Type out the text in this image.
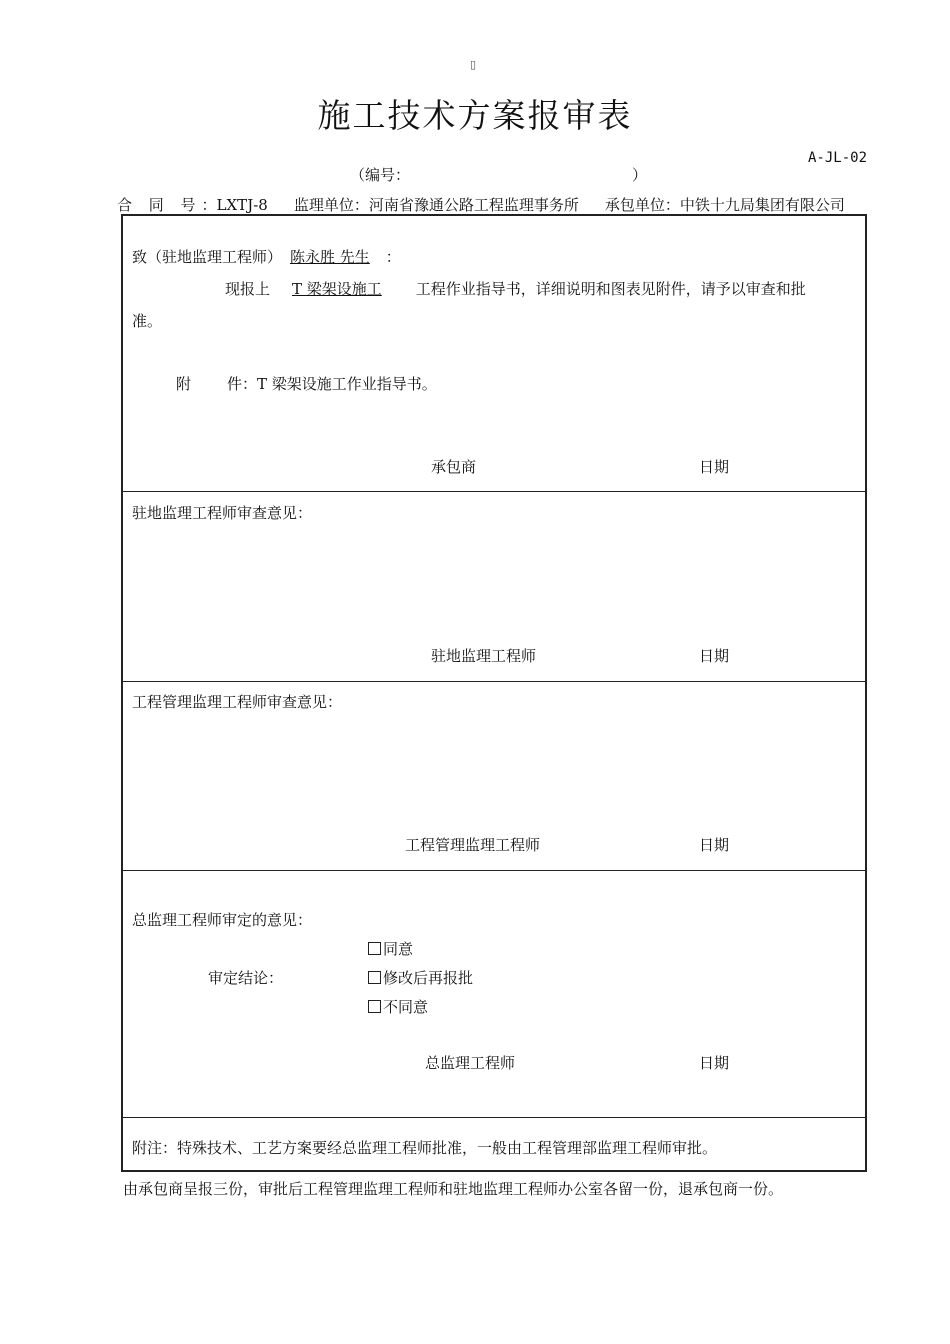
▯
施工技术方案报审表
A-JL-02
（编号：	）
合 同 号：LXTJ-8 监理单位：河南省豫通公路工程监理事务所 承包单位：中铁十九局集团有限公司
致（驻地监理工程师） 陈永胜 先生 ：
现报上 T 梁架设施工 工程作业指导书，详细说明和图表见附件，请予以审查和批
准。
附 件：T 梁架设施工作业指导书。
承包商	日期
驻地监理工程师审查意见：
驻地监理工程师	日期
工程管理监理工程师审查意见：
工程管理监理工程师	日期
总监理工程师审定的意见：
审定结论：
同意
修改后再报批
不同意
总监理工程师	日期
附注：特殊技术、工艺方案要经总监理工程师批准，一般由工程管理部监理工程师审批。
由承包商呈报三份，审批后工程管理监理工程师和驻地监理工程师办公室各留一份，退承包商一份。
